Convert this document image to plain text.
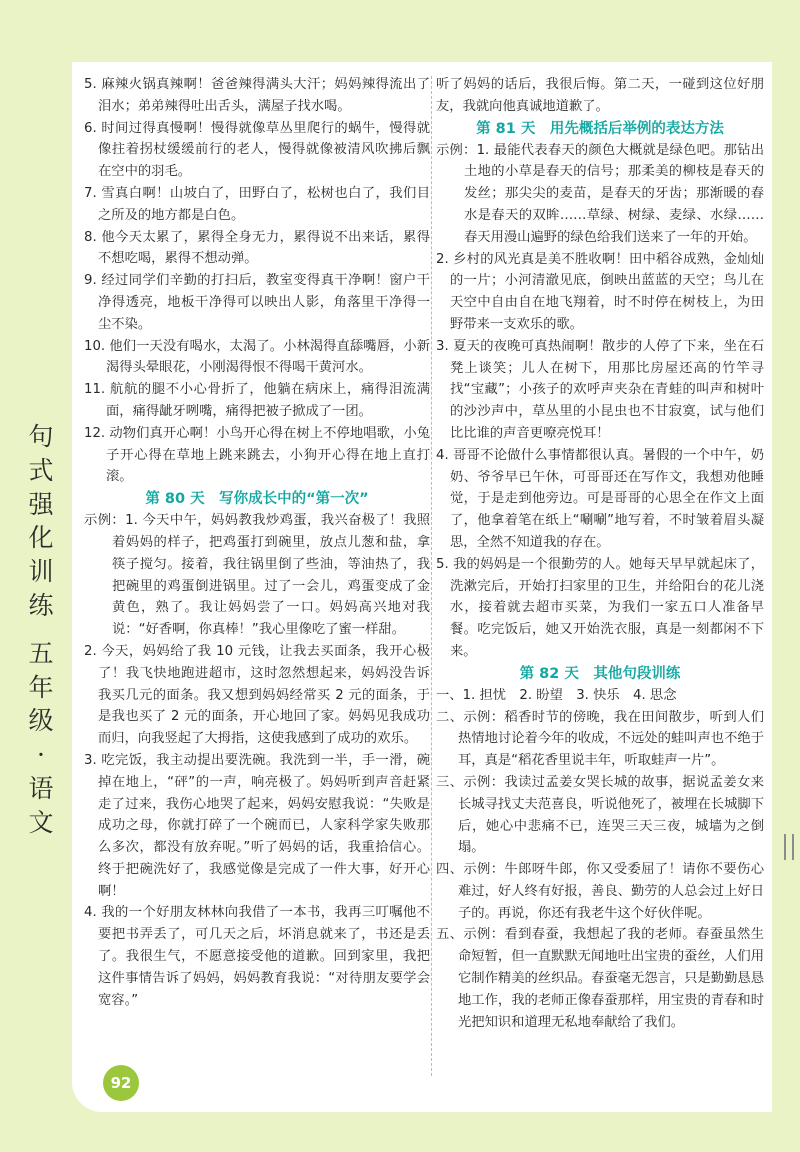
句
式
强
化
训
练
五
年
级
·
语
文

5. 麻辣火锅真辣啊！爸爸辣得满头大汗；妈妈辣得流出了泪水；弟弟辣得吐出舌头，满屋子找水喝。

6. 时间过得真慢啊！慢得就像草丛里爬行的蜗牛，慢得就像拄着拐杖缓缓前行的老人，慢得就像被清风吹拂后飘在空中的羽毛。

7. 雪真白啊！山坡白了，田野白了，松树也白了，我们目之所及的地方都是白色。

8. 他今天太累了，累得全身无力，累得说不出来话，累得不想吃喝，累得不想动弹。

9. 经过同学们辛勤的打扫后，教室变得真干净啊！窗户干净得透亮，地板干净得可以映出人影，角落里干净得一尘不染。

10. 他们一天没有喝水，太渴了。小林渴得直舔嘴唇，小新渴得头晕眼花，小刚渴得恨不得喝干黄河水。

11. 航航的腿不小心骨折了，他躺在病床上，痛得泪流满面，痛得龇牙咧嘴，痛得把被子掀成了一团。

12. 动物们真开心啊！小鸟开心得在树上不停地唱歌，小兔子开心得在草地上跳来跳去，小狗开心得在地上直打滚。

第 80 天　写你成长中的“第一次”

示例：1. 今天中午，妈妈教我炒鸡蛋，我兴奋极了！我照着妈妈的样子，把鸡蛋打到碗里，放点儿葱和盐，拿筷子搅匀。接着，我往锅里倒了些油，等油热了，我把碗里的鸡蛋倒进锅里。过了一会儿，鸡蛋变成了金黄色，熟了。我让妈妈尝了一口。妈妈高兴地对我说：“好香啊，你真棒！”我心里像吃了蜜一样甜。

2. 今天，妈妈给了我 10 元钱，让我去买面条，我开心极了！我飞快地跑进超市，这时忽然想起来，妈妈没告诉我买几元的面条。我又想到妈妈经常买 2 元的面条，于是我也买了 2 元的面条，开心地回了家。妈妈见我成功而归，向我竖起了大拇指，这使我感到了成功的欢乐。

3. 吃完饭，我主动提出要洗碗。我洗到一半，手一滑，碗掉在地上，“砰”的一声，响亮极了。妈妈听到声音赶紧走了过来，我伤心地哭了起来，妈妈安慰我说：“失败是成功之母，你就打碎了一个碗而已，人家科学家失败那么多次，都没有放弃呢。”听了妈妈的话，我重拾信心。终于把碗洗好了，我感觉像是完成了一件大事，好开心啊！

4. 我的一个好朋友林林向我借了一本书，我再三叮嘱他不要把书弄丢了，可几天之后，坏消息就来了，书还是丢了。我很生气，不愿意接受他的道歉。回到家里，我把这件事情告诉了妈妈，妈妈教育我说：“对待朋友要学会宽容。”

听了妈妈的话后，我很后悔。第二天，一碰到这位好朋友，我就向他真诚地道歉了。

第 81 天　用先概括后举例的表达方法

示例：1. 最能代表春天的颜色大概就是绿色吧。那钻出土地的小草是春天的信号；那柔美的柳枝是春天的发丝；那尖尖的麦苗，是春天的牙齿；那渐暖的春水是春天的双眸……草绿、树绿、麦绿、水绿……春天用漫山遍野的绿色给我们送来了一年的开始。

2. 乡村的风光真是美不胜收啊！田中稻谷成熟，金灿灿的一片；小河清澈见底，倒映出蓝蓝的天空；鸟儿在天空中自由自在地飞翔着，时不时停在树枝上，为田野带来一支欢乐的歌。

3. 夏天的夜晚可真热闹啊！散步的人停了下来，坐在石凳上谈笑；儿人在树下，用那比房屋还高的竹竿寻找“宝藏”；小孩子的欢呼声夹杂在青蛙的叫声和树叶的沙沙声中，草丛里的小昆虫也不甘寂寞，试与他们比比谁的声音更嘹亮悦耳！

4. 哥哥不论做什么事情都很认真。暑假的一个中午，奶奶、爷爷早已午休，可哥哥还在写作文，我想劝他睡觉，于是走到他旁边。可是哥哥的心思全在作文上面了，他拿着笔在纸上“唰唰”地写着，不时皱着眉头凝思，全然不知道我的存在。

5. 我的妈妈是一个很勤劳的人。她每天早早就起床了，洗漱完后，开始打扫家里的卫生，并给阳台的花儿浇水，接着就去超市买菜，为我们一家五口人准备早餐。吃完饭后，她又开始洗衣服，真是一刻都闲不下来。

第 82 天　其他句段训练

一、1. 担忧　2. 盼望　3. 快乐　4. 思念

二、示例：稻香时节的傍晚，我在田间散步，听到人们热情地讨论着今年的收成，不远处的蛙叫声也不绝于耳，真是“稻花香里说丰年，听取蛙声一片”。

三、示例：我读过孟姜女哭长城的故事，据说孟姜女来长城寻找丈夫范喜良，听说他死了，被埋在长城脚下后，她心中悲痛不已，连哭三天三夜，城墙为之倒塌。

四、示例：牛郎呀牛郎，你又受委屈了！请你不要伤心难过，好人终有好报，善良、勤劳的人总会过上好日子的。再说，你还有我老牛这个好伙伴呢。

五、示例：看到春蚕，我想起了我的老师。春蚕虽然生命短暂，但一直默默无闻地吐出宝贵的蚕丝，人们用它制作精美的丝织品。春蚕毫无怨言，只是勤勤恳恳地工作，我的老师正像春蚕那样，用宝贵的青春和时光把知识和道理无私地奉献给了我们。

92
